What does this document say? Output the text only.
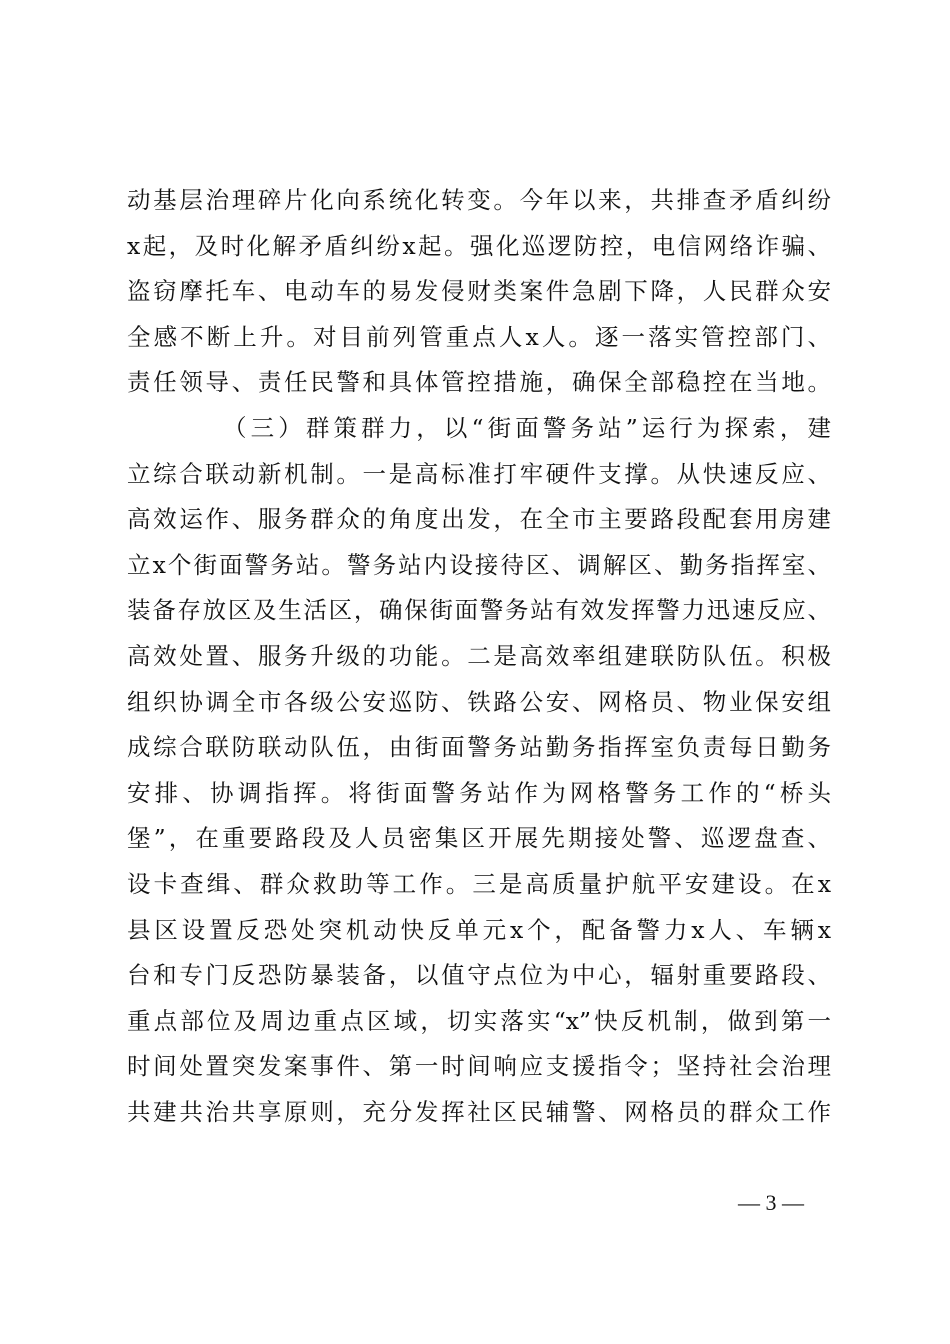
动基层治理碎片化向系统化转变。今年以来，共排查矛盾纠纷
x起，及时化解矛盾纠纷x起。强化巡逻防控，电信网络诈骗、
盗窃摩托车、电动车的易发侵财类案件急剧下降，人民群众安
全感不断上升。对目前列管重点人x人。逐一落实管控部门、
责任领导、责任民警和具体管控措施，确保全部稳控在当地。
（三）群策群力，以“街面警务站”运行为探索，建
立综合联动新机制。一是高标准打牢硬件支撑。从快速反应、
高效运作、服务群众的角度出发，在全市主要路段配套用房建
立x个街面警务站。警务站内设接待区、调解区、勤务指挥室、
装备存放区及生活区，确保街面警务站有效发挥警力迅速反应、
高效处置、服务升级的功能。二是高效率组建联防队伍。积极
组织协调全市各级公安巡防、铁路公安、网格员、物业保安组
成综合联防联动队伍，由街面警务站勤务指挥室负责每日勤务
安排、协调指挥。将街面警务站作为网格警务工作的“桥头
堡”，在重要路段及人员密集区开展先期接处警、巡逻盘查、
设卡查缉、群众救助等工作。三是高质量护航平安建设。在x
县区设置反恐处突机动快反单元x个，配备警力x人、车辆x
台和专门反恐防暴装备，以值守点位为中心，辐射重要路段、
重点部位及周边重点区域，切实落实“x”快反机制，做到第一
时间处置突发案事件、第一时间响应支援指令；坚持社会治理
共建共治共享原则，充分发挥社区民辅警、网格员的群众工作
— 3 —
